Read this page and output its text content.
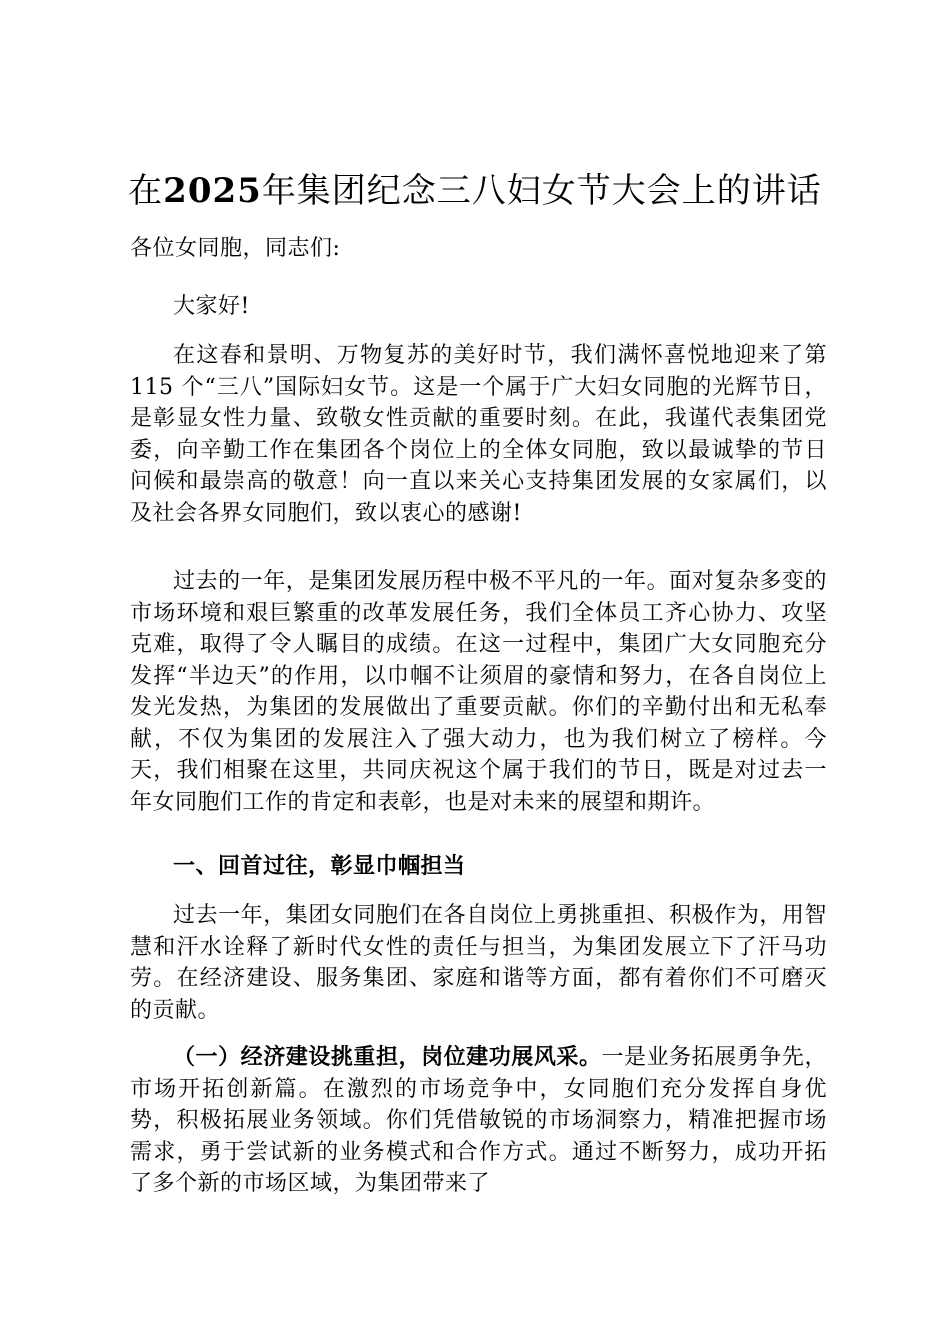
在2025年集团纪念三八妇女节大会上的讲话
各位女同胞，同志们:
大家好!
在这春和景明、万物复苏的美好时节，我们满怀喜悦地迎来了第 115 个“三八”国际妇女节。这是一个属于广大妇女同胞的光辉节日，是彰显女性力量、致敬女性贡献的重要时刻。在此，我谨代表集团党委，向辛勤工作在集团各个岗位上的全体女同胞，致以最诚挚的节日问候和最崇高的敬意！向一直以来关心支持集团发展的女家属们，以及社会各界女同胞们，致以衷心的感谢!
过去的一年，是集团发展历程中极不平凡的一年。面对复杂多变的市场环境和艰巨繁重的改革发展任务，我们全体员工齐心协力、攻坚克难，取得了令人瞩目的成绩。在这一过程中，集团广大女同胞充分发挥“半边天”的作用，以巾帼不让须眉的豪情和努力，在各自岗位上发光发热，为集团的发展做出了重要贡献。你们的辛勤付出和无私奉献，不仅为集团的发展注入了强大动力，也为我们树立了榜样。今天，我们相聚在这里，共同庆祝这个属于我们的节日，既是对过去一年女同胞们工作的肯定和表彰，也是对未来的展望和期许。
一、回首过往，彰显巾帼担当
过去一年，集团女同胞们在各自岗位上勇挑重担、积极作为，用智慧和汗水诠释了新时代女性的责任与担当，为集团发展立下了汗马功劳。在经济建设、服务集团、家庭和谐等方面，都有着你们不可磨灭的贡献。
（一）经济建设挑重担，岗位建功展风采。一是业务拓展勇争先，市场开拓创新篇。在激烈的市场竞争中，女同胞们充分发挥自身优势，积极拓展业务领域。你们凭借敏锐的市场洞察力，精准把握市场需求，勇于尝试新的业务模式和合作方式。通过不断努力，成功开拓了多个新的市场区域，为集团带来了
